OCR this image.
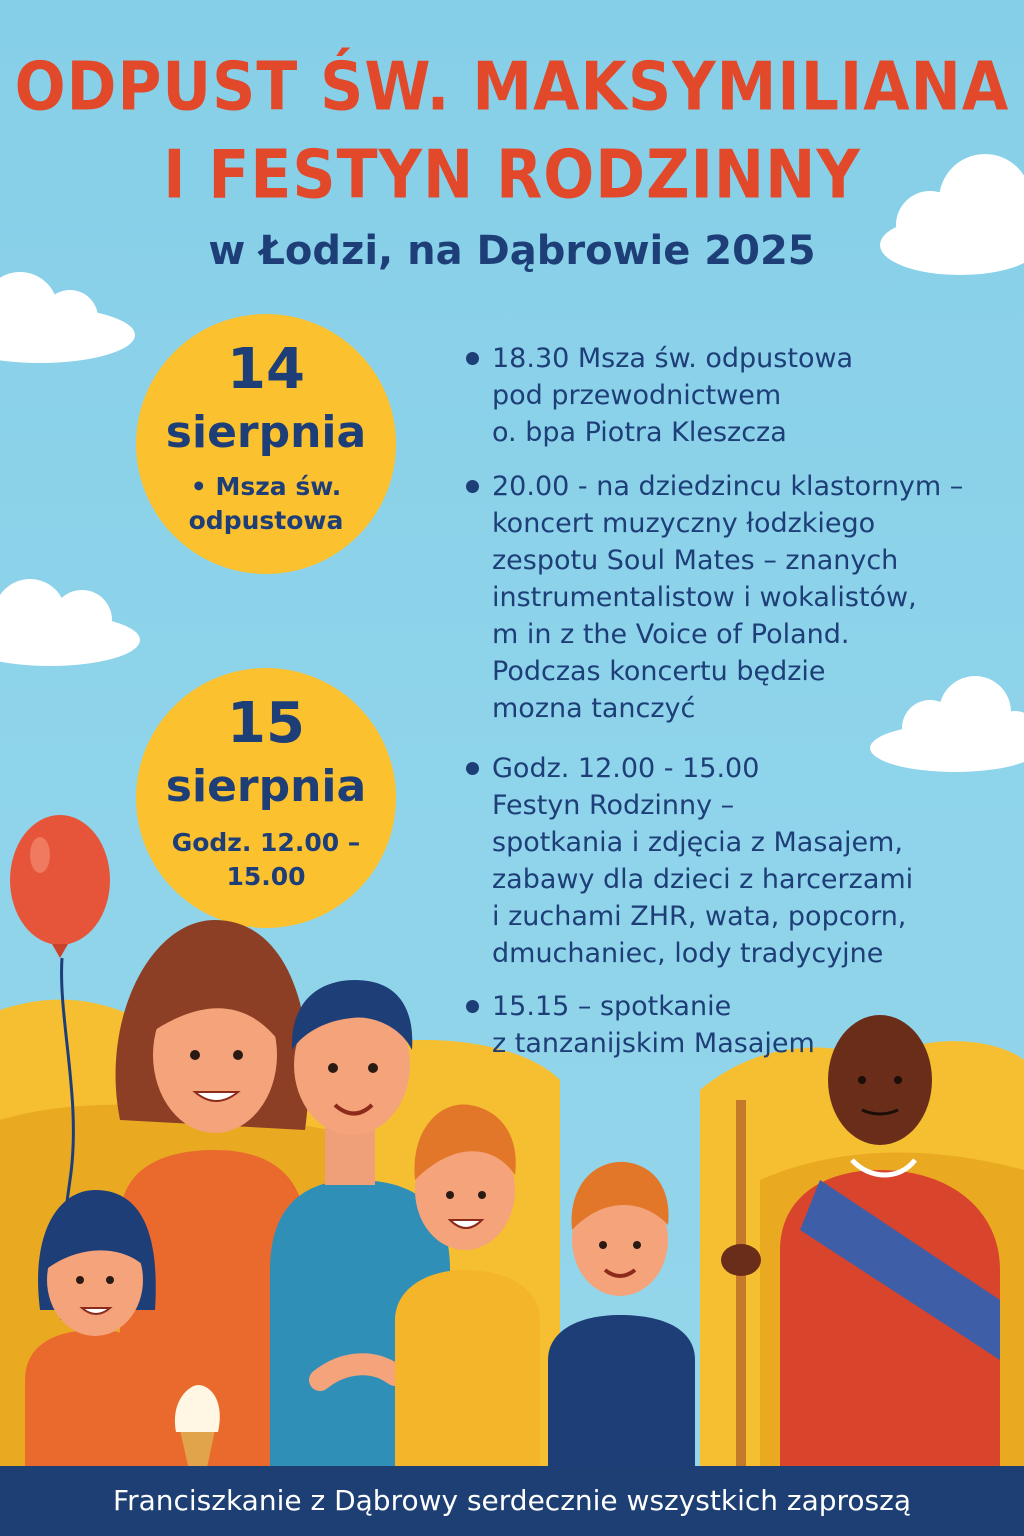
ODPUST ŚW. MAKSYMILIANA
I FESTYN RODZINNY
w Łodzi, na Dąbrowie 2025
14
sierpnia
• Msza św.
odpustowa
15
sierpnia
Godz. 12.00 –
15.00
18.30 Msza św. odpustowa
pod przewodnictwem
o. bpa Piotra Kleszcza
20.00 - na dziedzincu klastornym –
koncert muzyczny łodzkiego
zespotu Soul Mates – znanych
instrumentalistow i wokalistów,
m in z the Voice of Poland.
Podczas koncertu będzie
mozna tanczyć
Godz. 12.00 - 15.00
Festyn Rodzinny –
spotkania i zdjęcia z Masajem,
zabawy dla dzieci z harcerzami
i zuchami ZHR, wata, popcorn,
dmuchaniec, lody tradycyjne
15.15 – spotkanie
z tanzanijskim Masajem
Franciszkanie z Dąbrowy serdecznie wszystkich zaproszą
